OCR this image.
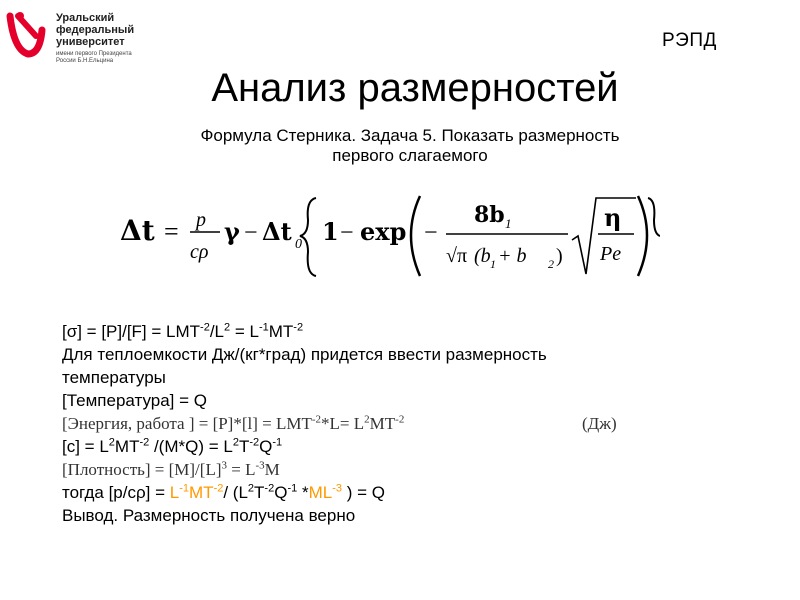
Уральский
федеральный
университет
имени первого Президента
России Б.Н.Ельцина
РЭПД
Анализ размерностей
Формула Стерника. Задача 5. Показать размерность
первого слагаемого
Δt = p
cρ
γ − Δt 0 1 − exp −
8b 1
√π (b 1 + b 2 )
η
Pe
$[\sigma] = [P]/[F] = LMT^{-2}/L^2 = L^{-1}MT^{-2}$
Для теплоемкости Дж/(кг*град) придется ввести размерность
температуры
[Температура] = Q
[Энергия, работа ] = $[P]*[l] = LMT^{-2}*L= L^2MT^{-2}$	(Дж)
$[c] = L^2MT^{-2}$ $/(M*Q) = L^2T^{-2}Q^{-1}$
[Плотность] = $[M]/[L]^3 = L^{-3}M$
тогда $[p/c\rho] = L^{-1}MT^{-2}/$ ($L^2T^{-2}Q^{-1}$ $*ML^{-3}$ ) = Q
Вывод. Размерность получена верно
